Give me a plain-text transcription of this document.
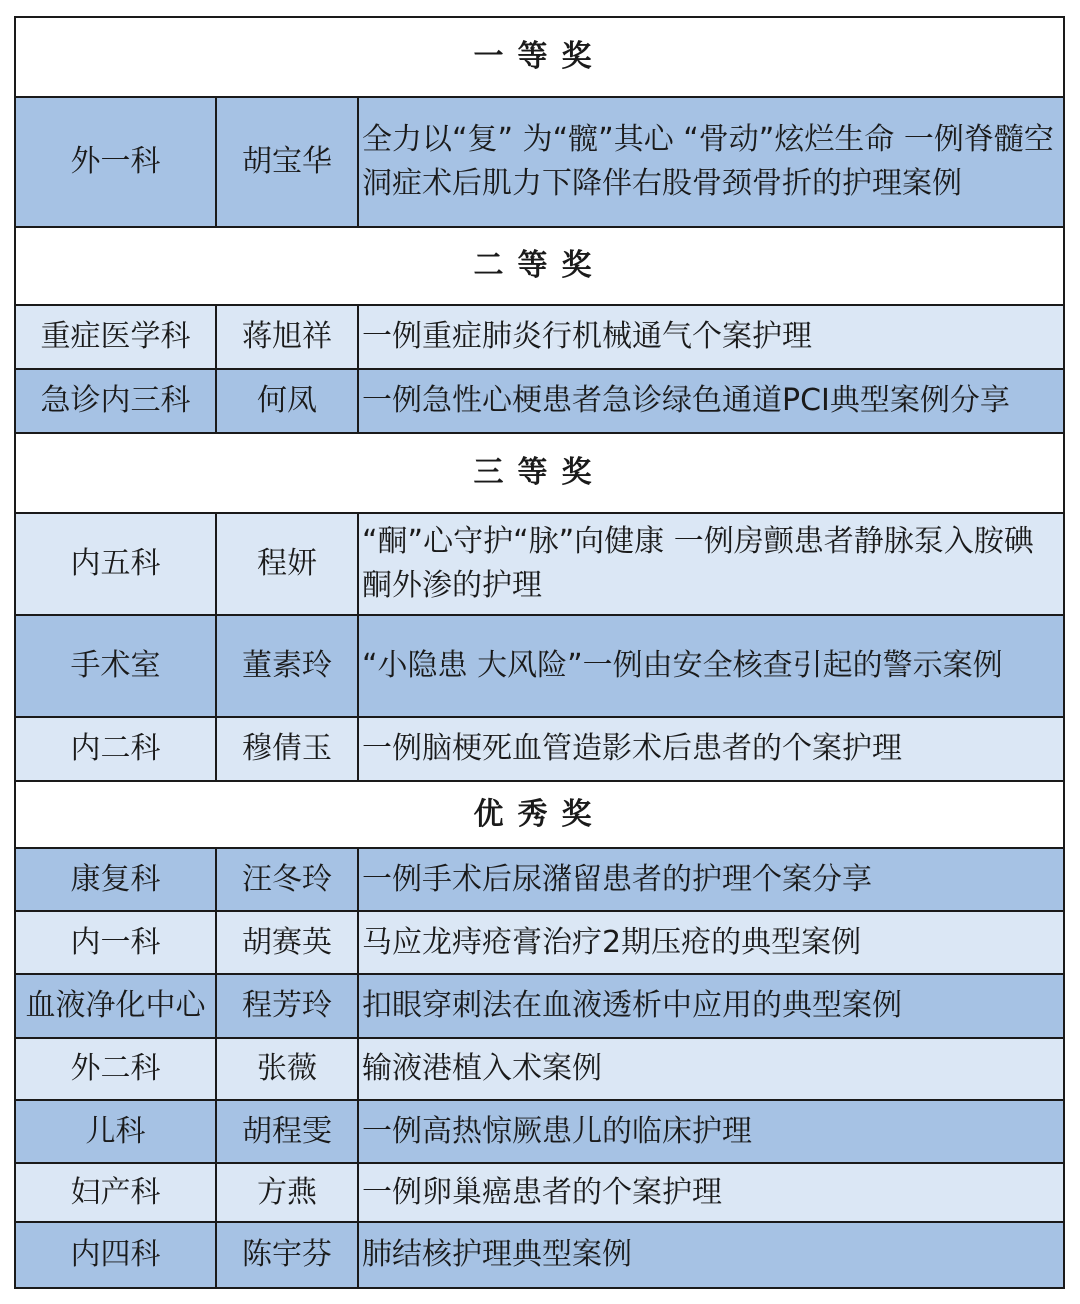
一等奖		
外一科	胡宝华	全力以“复” 为“髋”其心 “骨动”炫烂生命 一例脊髓空洞症术后肌力下降伴右股骨颈骨折的护理案例
二等奖		
重症医学科	蒋旭祥	一例重症肺炎行机械通气个案护理
急诊内三科	何凤	一例急性心梗患者急诊绿色通道PCI典型案例分享
三等奖		
内五科	程妍	“酮”心守护“脉”向健康 一例房颤患者静脉泵入胺碘酮外渗的护理
手术室	董素玲	“小隐患 大风险”一例由安全核查引起的警示案例
内二科	穆倩玉	一例脑梗死血管造影术后患者的个案护理
优秀奖		
康复科	汪冬玲	一例手术后尿潴留患者的护理个案分享
内一科	胡赛英	马应龙痔疮膏治疗2期压疮的典型案例
血液净化中心	程芳玲	扣眼穿刺法在血液透析中应用的典型案例
外二科	张薇	输液港植入术案例
儿科	胡程雯	一例高热惊厥患儿的临床护理
妇产科	方燕	一例卵巢癌患者的个案护理
内四科	陈宇芬	肺结核护理典型案例
